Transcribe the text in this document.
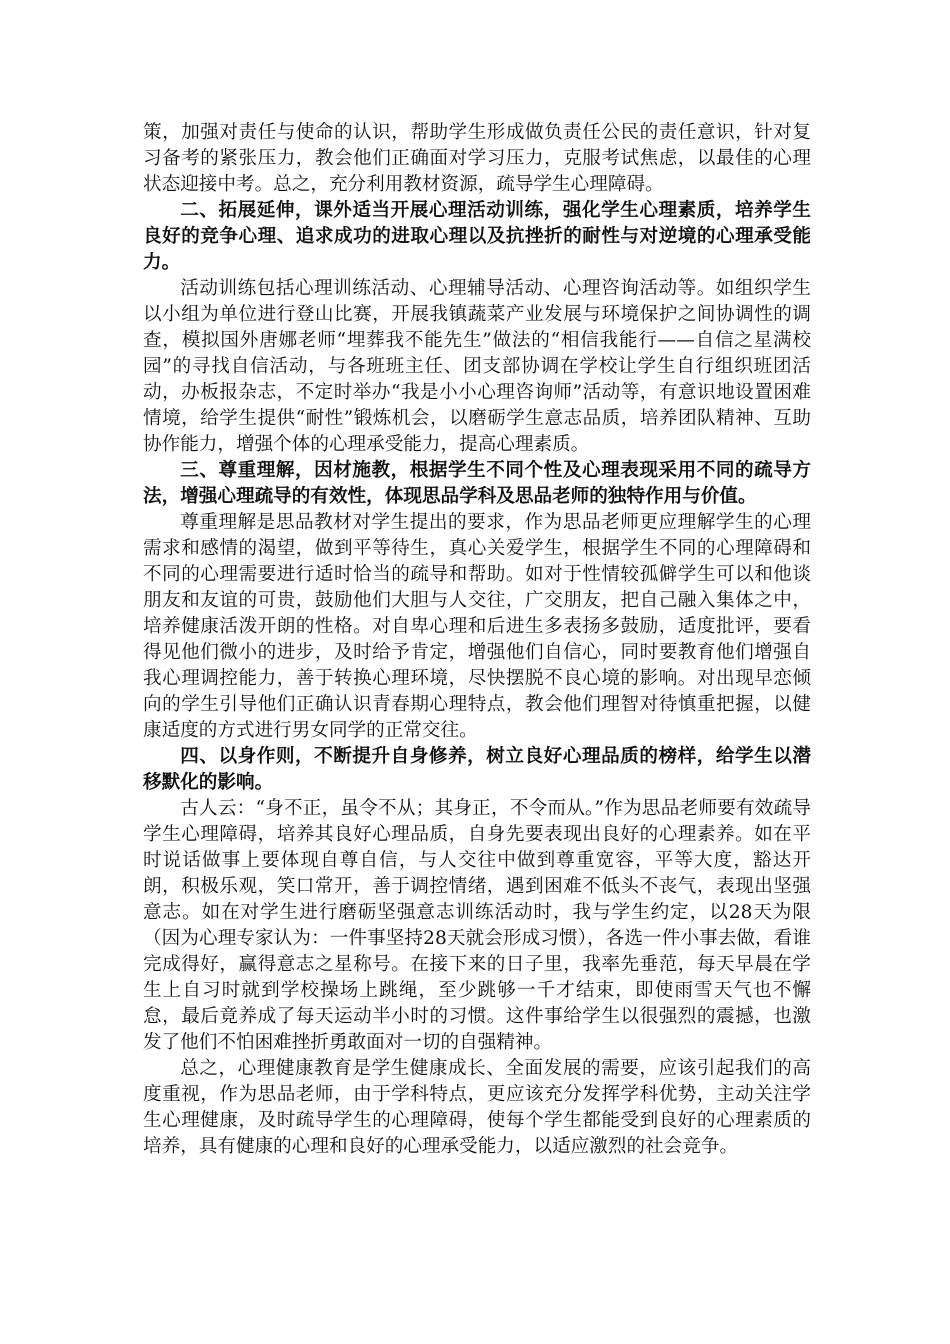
策，加强对责任与使命的认识，帮助学生形成做负责任公民的责任意识，针对复习备考的紧张压力，教会他们正确面对学习压力，克服考试焦虑，以最佳的心理状态迎接中考。总之，充分利用教材资源，疏导学生心理障碍。

二、拓展延伸，课外适当开展心理活动训练，强化学生心理素质，培养学生良好的竞争心理、追求成功的进取心理以及抗挫折的耐性与对逆境的心理承受能力。

活动训练包括心理训练活动、心理辅导活动、心理咨询活动等。如组织学生以小组为单位进行登山比赛，开展我镇蔬菜产业发展与环境保护之间协调性的调查，模拟国外唐娜老师“埋葬我不能先生”做法的“相信我能行——自信之星满校园”的寻找自信活动，与各班班主任、团支部协调在学校让学生自行组织班团活动，办板报杂志，不定时举办“我是小小心理咨询师”活动等，有意识地设置困难情境，给学生提供“耐性”锻炼机会，以磨砺学生意志品质，培养团队精神、互助协作能力，增强个体的心理承受能力，提高心理素质。

三、尊重理解，因材施教，根据学生不同个性及心理表现采用不同的疏导方法，增强心理疏导的有效性，体现思品学科及思品老师的独特作用与价值。

尊重理解是思品教材对学生提出的要求，作为思品老师更应理解学生的心理需求和感情的渴望，做到平等待生，真心关爱学生，根据学生不同的心理障碍和不同的心理需要进行适时恰当的疏导和帮助。如对于性情较孤僻学生可以和他谈朋友和友谊的可贵，鼓励他们大胆与人交往，广交朋友，把自己融入集体之中，培养健康活泼开朗的性格。对自卑心理和后进生多表扬多鼓励，适度批评，要看得见他们微小的进步，及时给予肯定，增强他们自信心，同时要教育他们增强自我心理调控能力，善于转换心理环境，尽快摆脱不良心境的影响。对出现早恋倾向的学生引导他们正确认识青春期心理特点，教会他们理智对待慎重把握，以健康适度的方式进行男女同学的正常交往。

四、以身作则，不断提升自身修养，树立良好心理品质的榜样，给学生以潜移默化的影响。

古人云：“身不正，虽令不从；其身正，不令而从。”作为思品老师要有效疏导学生心理障碍，培养其良好心理品质，自身先要表现出良好的心理素养。如在平时说话做事上要体现自尊自信，与人交往中做到尊重宽容，平等大度，豁达开朗，积极乐观，笑口常开，善于调控情绪，遇到困难不低头不丧气，表现出坚强意志。如在对学生进行磨砺坚强意志训练活动时，我与学生约定，以28天为限（因为心理专家认为：一件事坚持28天就会形成习惯），各选一件小事去做，看谁完成得好，赢得意志之星称号。在接下来的日子里，我率先垂范，每天早晨在学生上自习时就到学校操场上跳绳，至少跳够一千才结束，即使雨雪天气也不懈怠，最后竟养成了每天运动半小时的习惯。这件事给学生以很强烈的震撼，也激发了他们不怕困难挫折勇敢面对一切的自强精神。

总之，心理健康教育是学生健康成长、全面发展的需要，应该引起我们的高度重视，作为思品老师，由于学科特点，更应该充分发挥学科优势，主动关注学生心理健康，及时疏导学生的心理障碍，使每个学生都能受到良好的心理素质的培养，具有健康的心理和良好的心理承受能力，以适应激烈的社会竞争。
